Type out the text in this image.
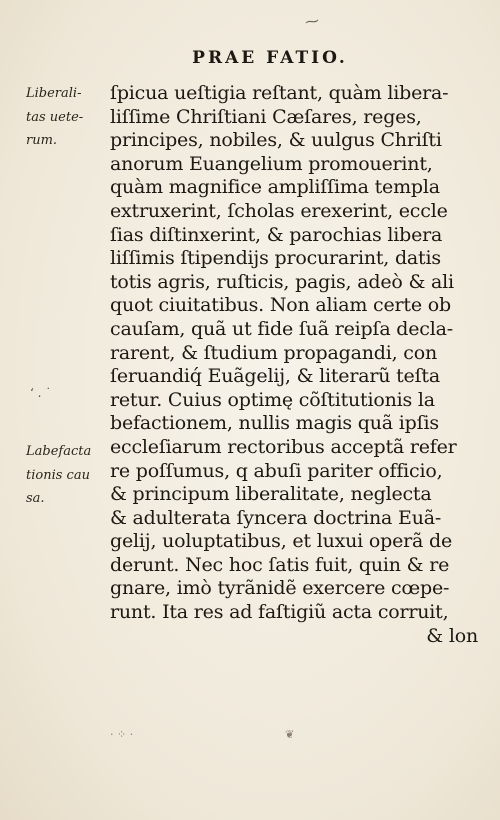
⁓
PRAE FATIO.
Liberali-
tas uete-
rum.
‘ . ˙
Labefacta
tionis cau
sa.
ſpicua ueſtigia reſtant, quàm libera-
liſſime Chriſtiani Cæſares, reges,
principes, nobiles, & uulgus Chriſti
anorum Euangelium promouerint,
quàm magnifice ampliſſima templa
extruxerint, ſcholas erexerint, eccle
ſias diſtinxerint, & parochias libera
liſſimis ſtipendijs procurarint, datis
totis agris, ruſticis, pagis, adeò & ali
quot ciuitatibus. Non aliam certe ob
cauſam, quã ut fide ſuã reipſa decla-
rarent, & ſtudium propagandi, con
ſeruandiq́ Euãgelij, & literarũ teſta
retur. Cuius optimę cõſtitutionis la
befactionem, nullis magis quã ipſis
eccleſiarum rectoribus acceptã refer
re poſſumus, q abuſi pariter officio,
& principum liberalitate, neglecta
& adulterata ſyncera doctrina Euã-
gelij, uoluptatibus, et luxui operã de
derunt. Nec hoc ſatis fuit, quin & re
gnare, imò tyrãnidẽ exercere cœpe-
runt. Ita res ad faſtigiũ acta corruit,
& lon
· ⁘ ·	❦
